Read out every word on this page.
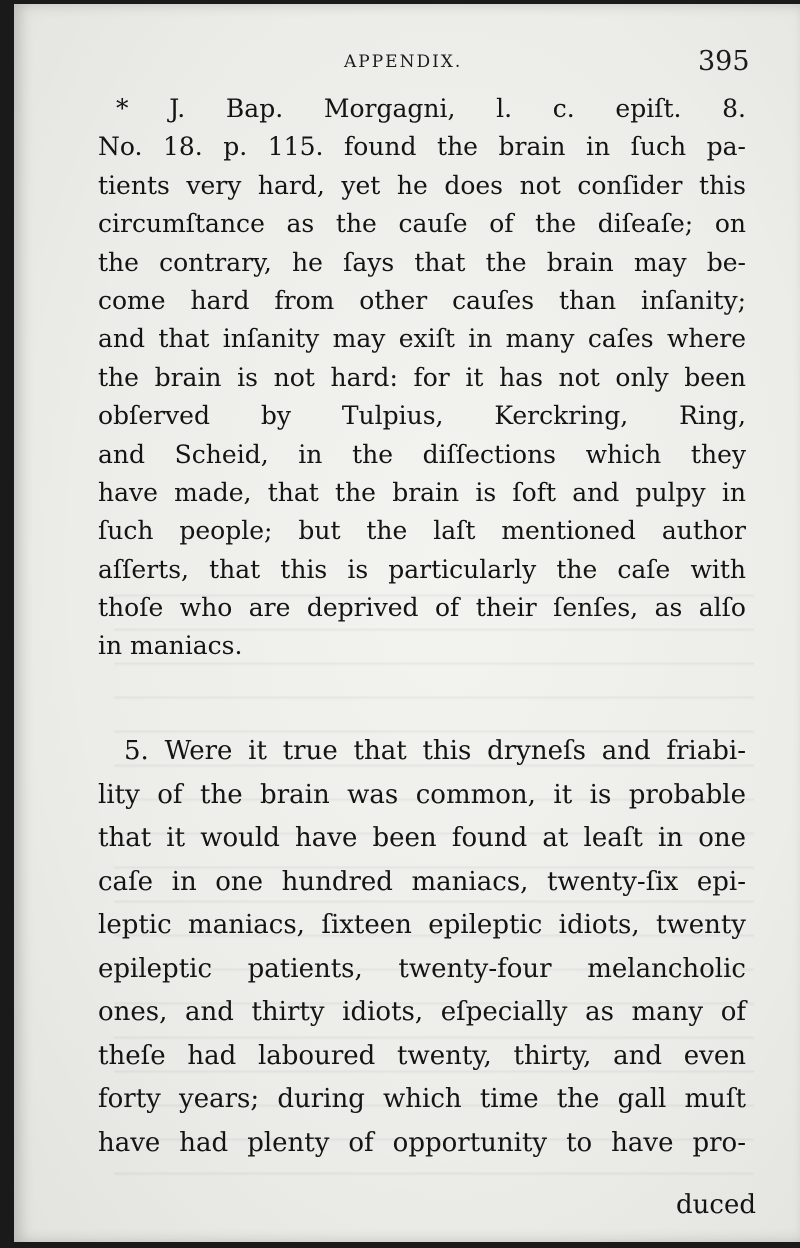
APPENDIX.	395
* J. Bap. Morgagni, l. c. epiſt. 8.
No. 18. p. 115. found the brain in ſuch pa-
tients very hard, yet he does not conſider this
circumſtance as the cauſe of the diſeaſe; on
the contrary, he ſays that the brain may be-
come hard from other cauſes than inſanity;
and that inſanity may exiſt in many caſes where
the brain is not hard: for it has not only been
obſerved by Tulpius, Kerckring, Ring,
and Scheid, in the diſſections which they
have made, that the brain is ſoft and pulpy in
ſuch people; but the laſt mentioned author
aſſerts, that this is particularly the caſe with
thoſe who are deprived of their ſenſes, as alſo
in maniacs.
5. Were it true that this dryneſs and friabi-
lity of the brain was common, it is probable
that it would have been found at leaſt in one
caſe in one hundred maniacs, twenty-ſix epi-
leptic maniacs, ſixteen epileptic idiots, twenty
epileptic patients, twenty-four melancholic
ones, and thirty idiots, eſpecially as many of
theſe had laboured twenty, thirty, and even
forty years; during which time the gall muſt
have had plenty of opportunity to have pro-
duced
